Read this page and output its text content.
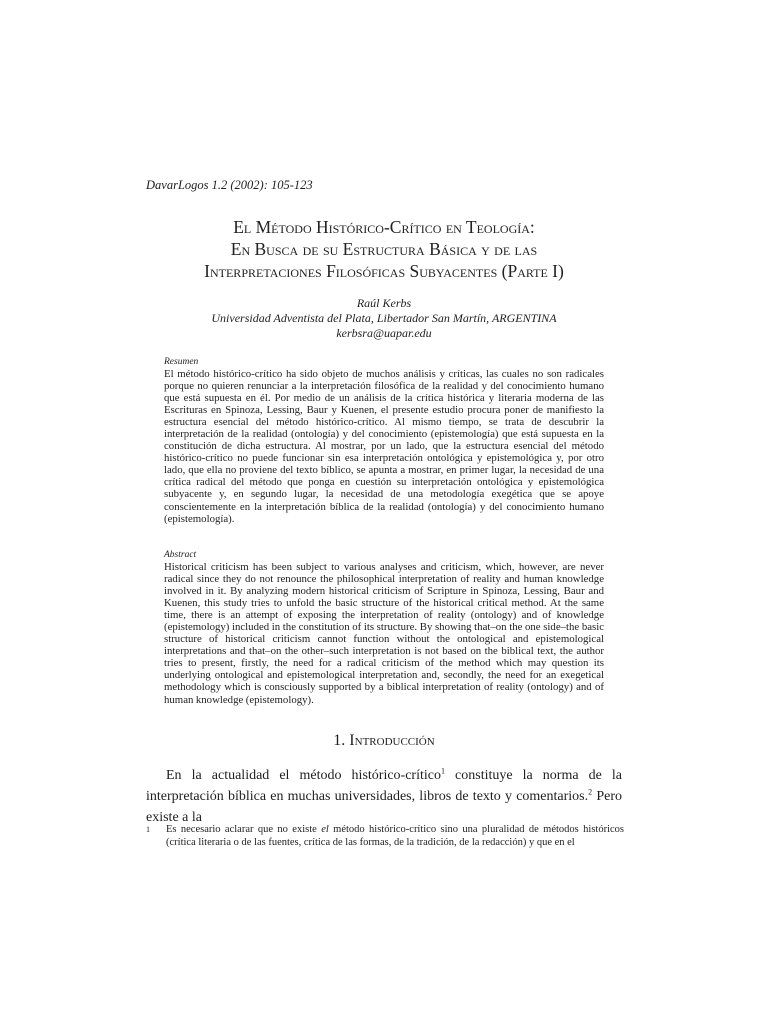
DavarLogos 1.2 (2002): 105-123

El Método Histórico-Crítico en Teología:
En Busca de su Estructura Básica y de las
Interpretaciones Filosóficas Subyacentes (Parte I)
Raúl Kerbs
Universidad Adventista del Plata, Libertador San Martín, ARGENTINA
kerbsra@uapar.edu

Resumen

El método histórico-crítico ha sido objeto de muchos análisis y críticas, las cuales no son radicales porque no quieren renunciar a la interpretación filosófica de la realidad y del conocimiento humano que está supuesta en él. Por medio de un análisis de la crítica histórica y literaria moderna de las Escrituras en Spinoza, Lessing, Baur y Kuenen, el presente estudio procura poner de manifiesto la estructura esencial del método histórico-crítico. Al mismo tiempo, se trata de descubrir la interpretación de la realidad (ontología) y del conocimiento (epistemología) que está supuesta en la constitución de dicha estructura. Al mostrar, por un lado, que la estructura esencial del método histórico-crítico no puede funcionar sin esa interpretación ontológica y epistemológica y, por otro lado, que ella no proviene del texto bíblico, se apunta a mostrar, en primer lugar, la necesidad de una crítica radical del método que ponga en cuestión su interpretación ontológica y epistemológica subyacente y, en segundo lugar, la necesidad de una metodología exegética que se apoye conscientemente en la interpretación bíblica de la realidad (ontología) y del conocimiento humano (epistemología).

Abstract

Historical criticism has been subject to various analyses and criticism, which, however, are never radical since they do not renounce the philosophical interpretation of reality and human knowledge involved in it. By analyzing modern historical criticism of Scripture in Spinoza, Lessing, Baur and Kuenen, this study tries to unfold the basic structure of the historical critical method. At the same time, there is an attempt of exposing the interpretation of reality (ontology) and of knowledge (epistemology) included in the constitution of its structure. By showing that–on the one side–the basic structure of historical criticism cannot function without the ontological and epistemological interpretations and that–on the other–such interpretation is not based on the biblical text, the author tries to present, firstly, the need for a radical criticism of the method which may question its underlying ontological and epistemological interpretation and, secondly, the need for an exegetical methodology which is consciously supported by a biblical interpretation of reality (ontology) and of human knowledge (epistemology).

1. Introducción

En la actualidad el método histórico-crítico$^1$ constituye la norma de la interpretación bíblica en muchas universidades, libros de texto y comentarios.$^2$ Pero existe a la

1 Es necesario aclarar que no existe el método histórico-crítico sino una pluralidad de métodos históricos (crítica literaria o de las fuentes, crítica de las formas, de la tradición, de la redacción) y que en el
